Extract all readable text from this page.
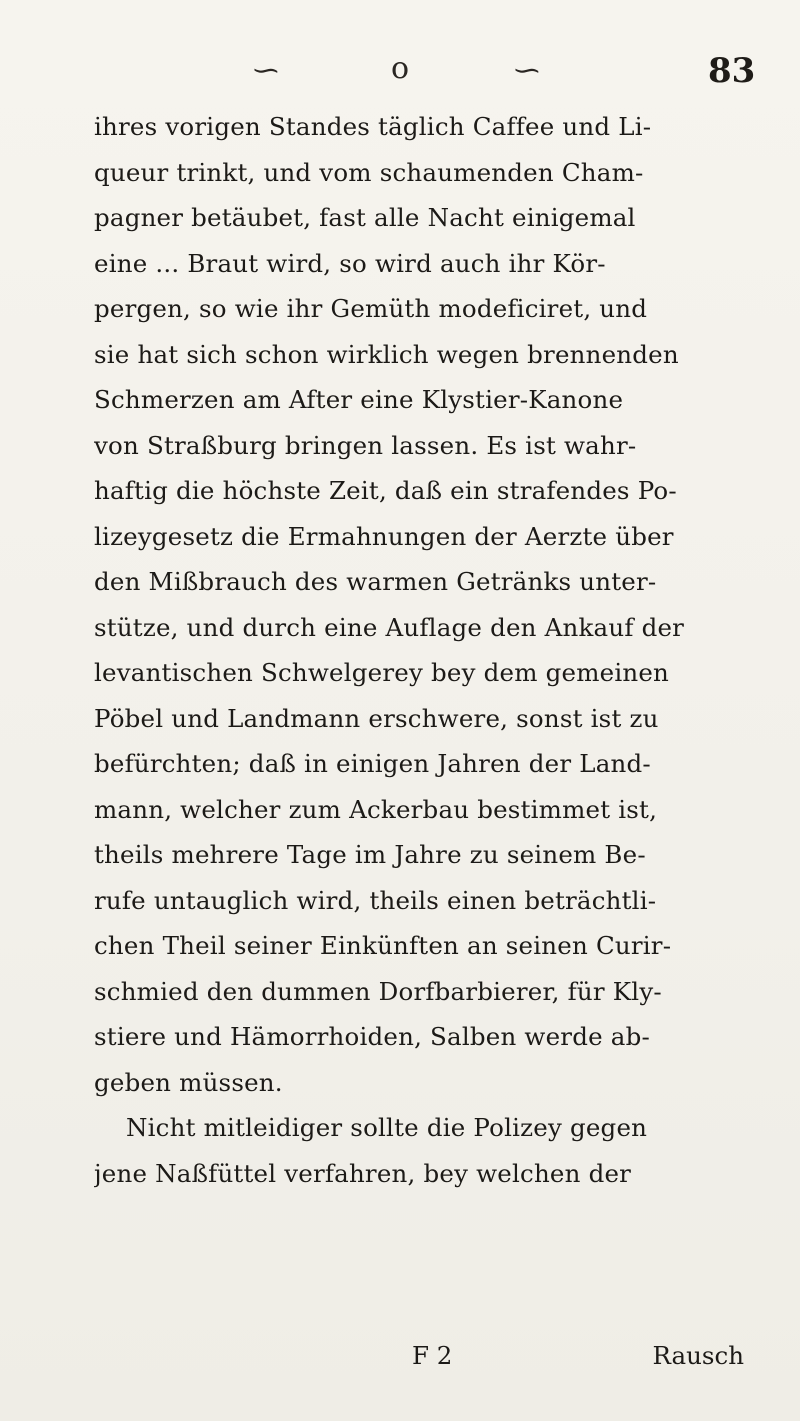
∽	o	∽	83
ihres vorigen Standes täglich Caffee und Li-
queur trinkt, und vom schaumenden Cham-
pagner betäubet, fast alle Nacht einigemal
eine ... Braut wird, so wird auch ihr Kör-
pergen, so wie ihr Gemüth modeficiret, und
sie hat sich schon wirklich wegen brennenden
Schmerzen am After eine Klystier-Kanone
von Straßburg bringen lassen. Es ist wahr-
haftig die höchste Zeit, daß ein strafendes Po-
lizeygesetz die Ermahnungen der Aerzte über
den Mißbrauch des warmen Getränks unter-
stütze, und durch eine Auflage den Ankauf der
levantischen Schwelgerey bey dem gemeinen
Pöbel und Landmann erschwere, sonst ist zu
befürchten; daß in einigen Jahren der Land-
mann, welcher zum Ackerbau bestimmet ist,
theils mehrere Tage im Jahre zu seinem Be-
rufe untauglich wird, theils einen beträchtli-
chen Theil seiner Einkünften an seinen Curir-
schmied den dummen Dorfbarbierer, für Kly-
stiere und Hämorrhoiden, Salben werde ab-
geben müssen.
Nicht mitleidiger sollte die Polizey gegen
jene Naßfüttel verfahren, bey welchen der
F 2	Rausch
